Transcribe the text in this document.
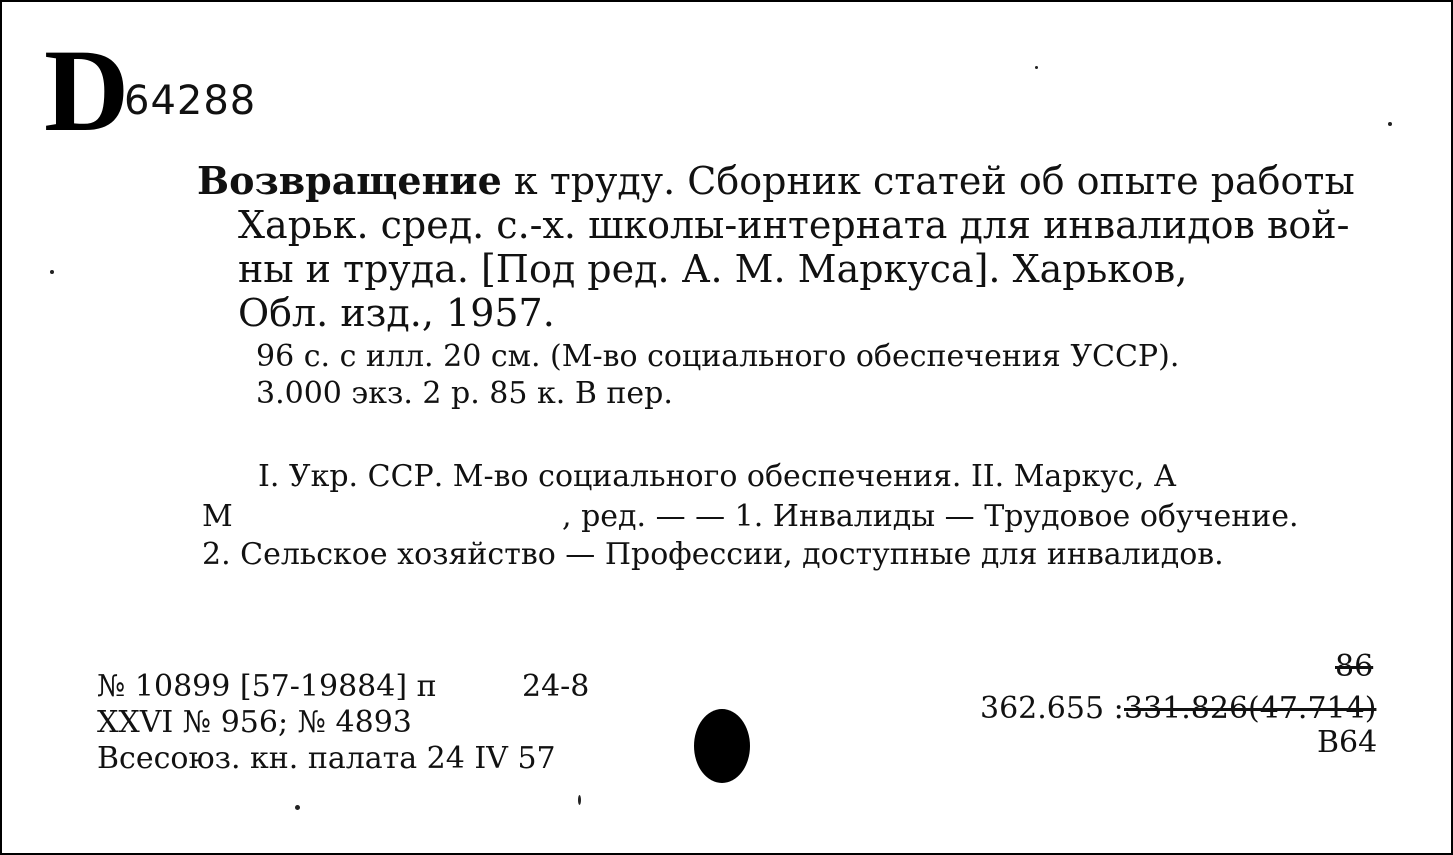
D
64288
Возвращение к труду. Сборник статей об опыте работы
Харьк. сред. с.-х. школы-интерната для инвалидов вой-
ны и труда. [Под ред. А. М. Маркуса]. Харьков,
Обл. изд., 1957.
96 с. с илл. 20 см. (М-во социального обеспечения УССР).
3.000 экз. 2 р. 85 к. В пер.
I. Укр. ССР. М-во социального обеспечения. II. Маркус, А
М	, ред. — — 1. Инвалиды — Трудовое обучение.
2. Сельское хозяйство — Профессии, доступные для инвалидов.
№ 10899 [57-19884] п	24-8
XXVI № 956; № 4893
Всесоюз. кн. палата 24 IV 57
86
362.655 : 331.826(47.714)
В64
